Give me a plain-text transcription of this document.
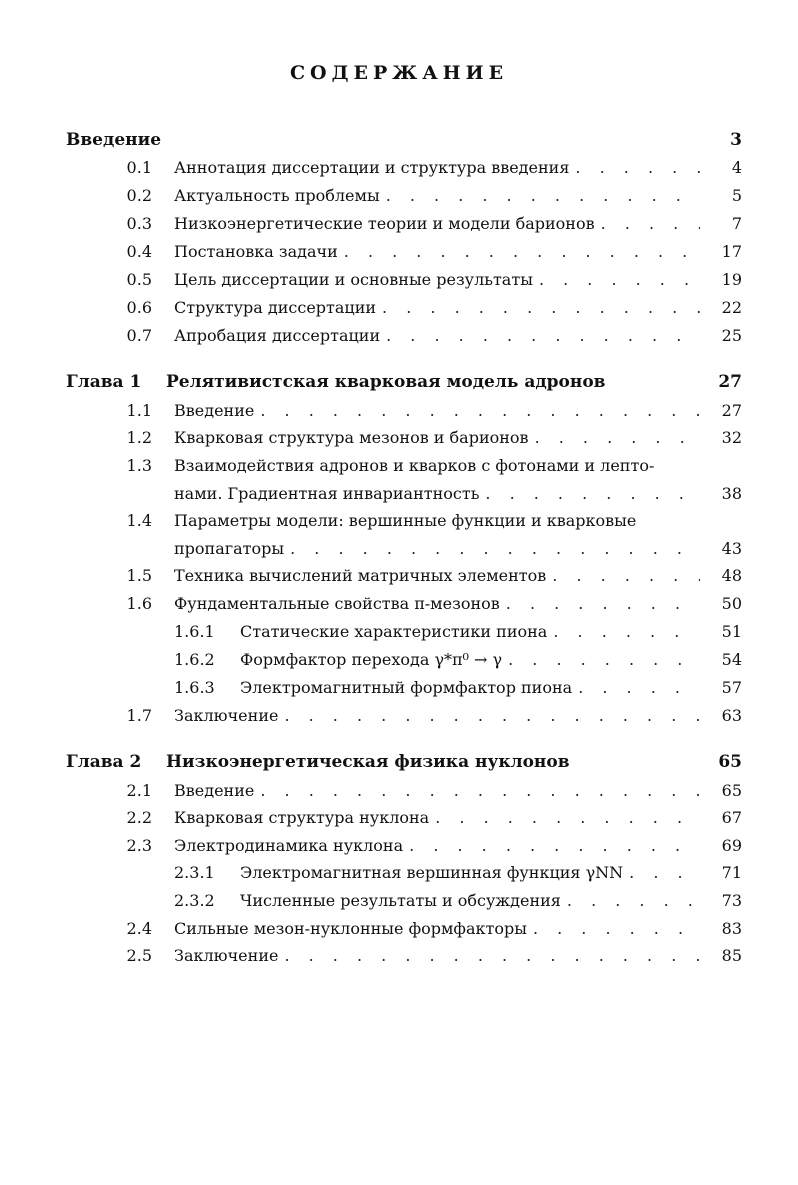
СОДЕРЖАНИЕ
Введение	3
0.1 Аннотация диссертации и структура введения . . .	4
0.2 Актуальность проблемы . . .	5
0.3 Низкоэнергетические теории и модели барионов . . .	7
0.4 Постановка задачи . . .	17
0.5 Цель диссертации и основные результаты . . .	19
0.6 Структура диссертации . . .	22
0.7 Апробация диссертации . . .	25
Глава 1 Релятивистская кварковая модель адронов	27
1.1 Введение . . .	27
1.2 Кварковая структура мезонов и барионов . . .	32
1.3 Взаимодействия адронов и кварков с фотонами и лепто-
нами. Градиентная инвариантность . . .	38
1.4 Параметры модели: вершинные функции и кварковые
пропагаторы . . .	43
1.5 Техника вычислений матричных элементов . . .	48
1.6 Фундаментальные свойства π-мезонов . . .	50
1.6.1 Статические характеристики пиона . . .	51
1.6.2 Формфактор перехода γ*π⁰ → γ . . .	54
1.6.3 Электромагнитный формфактор пиона . . .	57
1.7 Заключение . . .	63
Глава 2 Низкоэнергетическая физика нуклонов	65
2.1 Введение . . .	65
2.2 Кварковая структура нуклона . . .	67
2.3 Электродинамика нуклона . . .	69
2.3.1 Электромагнитная вершинная функция γNN . . .	71
2.3.2 Численные результаты и обсуждения . . .	73
2.4 Сильные мезон-нуклонные формфакторы . . .	83
2.5 Заключение . . .	85
